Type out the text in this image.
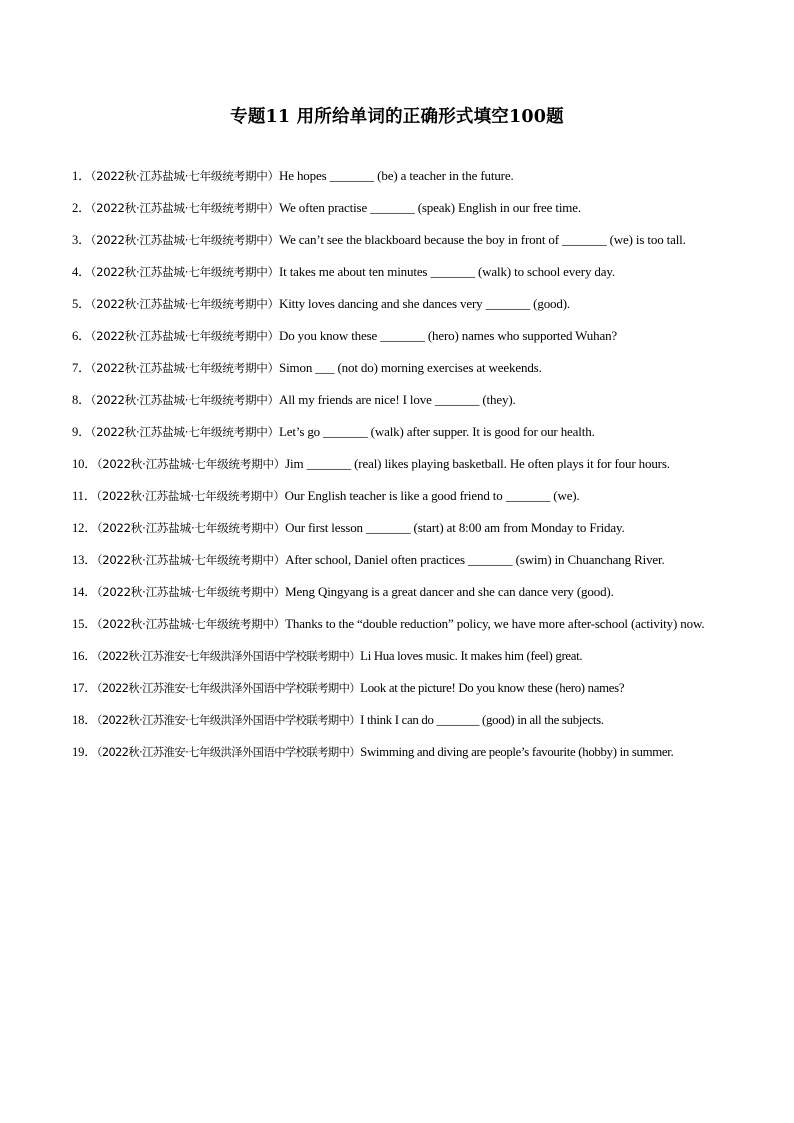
专题11 用所给单词的正确形式填空100题

1．（2022秋·江苏盐城·七年级统考期中）He hopes _______ (be) a teacher in the future.

2．（2022秋·江苏盐城·七年级统考期中）We often practise _______ (speak) English in our free time.

3．（2022秋·江苏盐城·七年级统考期中）We can’t see the blackboard because the boy in front of _______ (we) is too tall.

4．（2022秋·江苏盐城·七年级统考期中）It takes me about ten minutes _______ (walk) to school every day.

5．（2022秋·江苏盐城·七年级统考期中）Kitty loves dancing and she dances very _______ (good).

6．（2022秋·江苏盐城·七年级统考期中）Do you know these _______ (hero) names who supported Wuhan?

7．（2022秋·江苏盐城·七年级统考期中）Simon ___ (not do) morning exercises at weekends.

8．（2022秋·江苏盐城·七年级统考期中）All my friends are nice! I love _______ (they).

9．（2022秋·江苏盐城·七年级统考期中）Let’s go _______ (walk) after supper. It is good for our health.

10．（2022秋·江苏盐城·七年级统考期中）Jim _______ (real) likes playing basketball. He often plays it for four hours.

11．（2022秋·江苏盐城·七年级统考期中）Our English teacher is like a good friend to _______ (we).

12．（2022秋·江苏盐城·七年级统考期中）Our first lesson _______ (start) at 8:00 am from Monday to Friday.

13．（2022秋·江苏盐城·七年级统考期中）After school, Daniel often practices _______ (swim) in Chuanchang River.

14．（2022秋·江苏盐城·七年级统考期中）Meng Qingyang is a great dancer and she can dance very (good).

15．（2022秋·江苏盐城·七年级统考期中）Thanks to the “double reduction” policy, we have more after-school (activity) now.

16．（2022秋·江苏淮安·七年级洪泽外国语中学校联考期中）Li Hua loves music. It makes him (feel) great.

17．（2022秋·江苏淮安·七年级洪泽外国语中学校联考期中）Look at the picture! Do you know these (hero) names?

18．（2022秋·江苏淮安·七年级洪泽外国语中学校联考期中）I think I can do _______ (good) in all the subjects.

19．（2022秋·江苏淮安·七年级洪泽外国语中学校联考期中）Swimming and diving are people’s favourite (hobby) in summer.
